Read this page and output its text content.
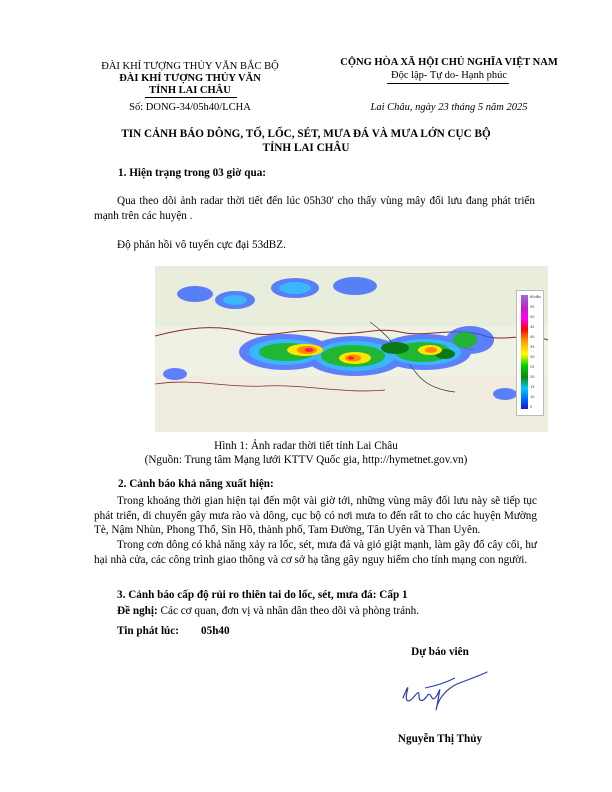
ĐÀI KHÍ TƯỢNG THỦY VĂN BẮC BỘ
ĐÀI KHÍ TƯỢNG THỦY VĂN
TỈNH LAI CHÂU
Số: DONG-34/05h40/LCHA
CỘNG HÒA XÃ HỘI CHỦ NGHĨA VIỆT NAM
Độc lập- Tự do- Hạnh phúc
Lai Châu, ngày 23 tháng 5 năm 2025
TIN CẢNH BÁO DÔNG, TỐ, LỐC, SÉT, MƯA ĐÁ VÀ MƯA LỚN CỤC BỘ
TỈNH LAI CHÂU
1. Hiện trạng trong 03 giờ qua:
Qua theo dõi ảnh radar thời tiết đến lúc 05h30' cho thấy vùng mây đối lưu đang phát triển mạnh trên các huyện .
Độ phản hồi vô tuyến cực đại 53dBZ.
60dBz
55
50
45
40
35
30
25
20
15
10
5
Hình 1: Ảnh radar thời tiết tỉnh Lai Châu
(Nguồn: Trung tâm Mạng lưới KTTV Quốc gia, http://hymetnet.gov.vn)
2. Cảnh báo khả năng xuất hiện:
Trong khoảng thời gian hiện tại đến một vài giờ tới, những vùng mây đối lưu này sẽ tiếp tục phát triển, di chuyển gây mưa rào và dông, cục bộ có nơi mưa to đến rất to cho các huyện Mường Tè, Nậm Nhùn, Phong Thổ, Sìn Hồ, thành phố, Tam Đường, Tân Uyên và Than Uyên.
Trong cơn dông có khả năng xảy ra lốc, sét, mưa đá và gió giật mạnh, làm gãy đổ cây cối, hư hại nhà cửa, các công trình giao thông và cơ sở hạ tầng gây nguy hiểm cho tính mạng con người.
3. Cảnh báo cấp độ rủi ro thiên tai do lốc, sét, mưa đá: Cấp 1
Đề nghị: Các cơ quan, đơn vị và nhân dân theo dõi và phòng tránh.
Tin phát lúc: 05h40
Dự báo viên
Nguyễn Thị Thủy
